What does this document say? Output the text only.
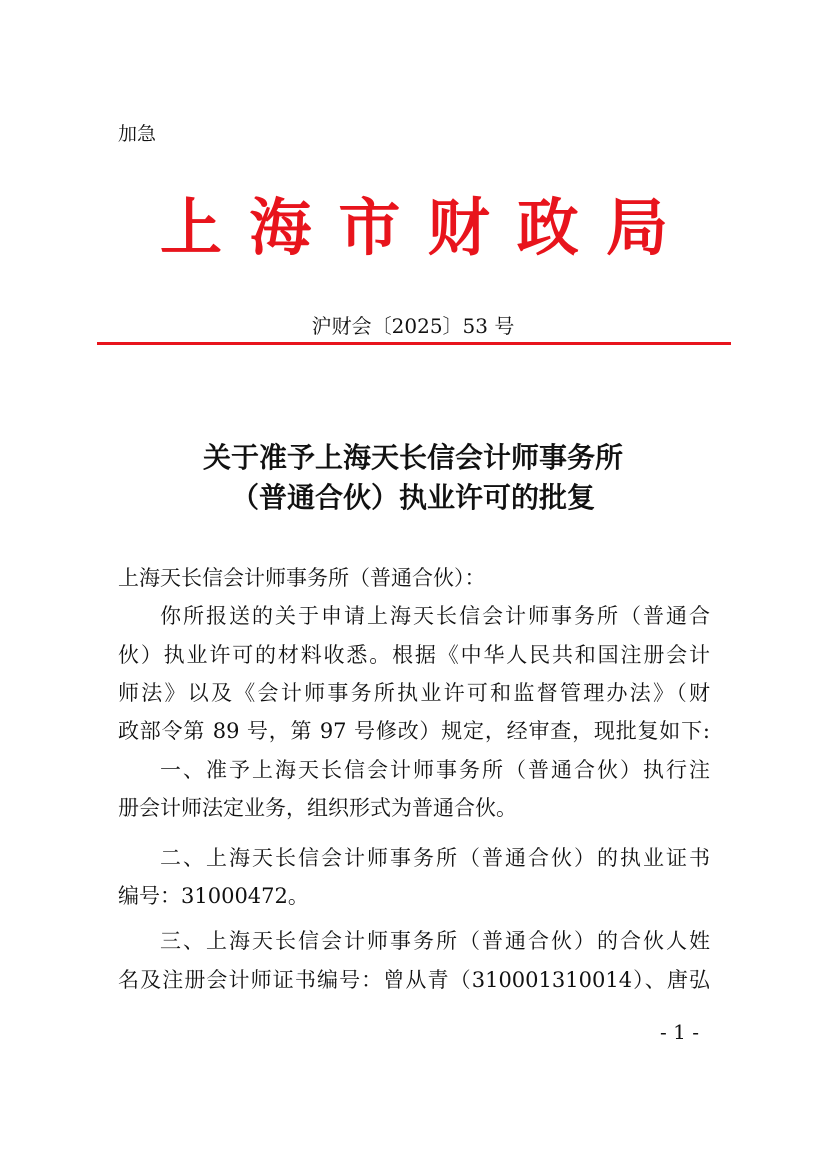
加急
上海市财政局
沪财会〔2025〕53 号
关于准予上海天长信会计师事务所
（普通合伙）执业许可的批复
上海天长信会计师事务所（普通合伙）：
你所报送的关于申请上海天长信会计师事务所（普通合
伙）执业许可的材料收悉。根据《中华人民共和国注册会计
师法》以及《会计师事务所执业许可和监督管理办法》（财
政部令第 89 号，第 97 号修改）规定，经审查，现批复如下:
一、准予上海天长信会计师事务所（普通合伙）执行注
册会计师法定业务，组织形式为普通合伙。
二、上海天长信会计师事务所（普通合伙）的执业证书
编号：31000472。
三、上海天长信会计师事务所（普通合伙）的合伙人姓
名及注册会计师证书编号：曾从青（310001310014）、唐弘
- 1 -
